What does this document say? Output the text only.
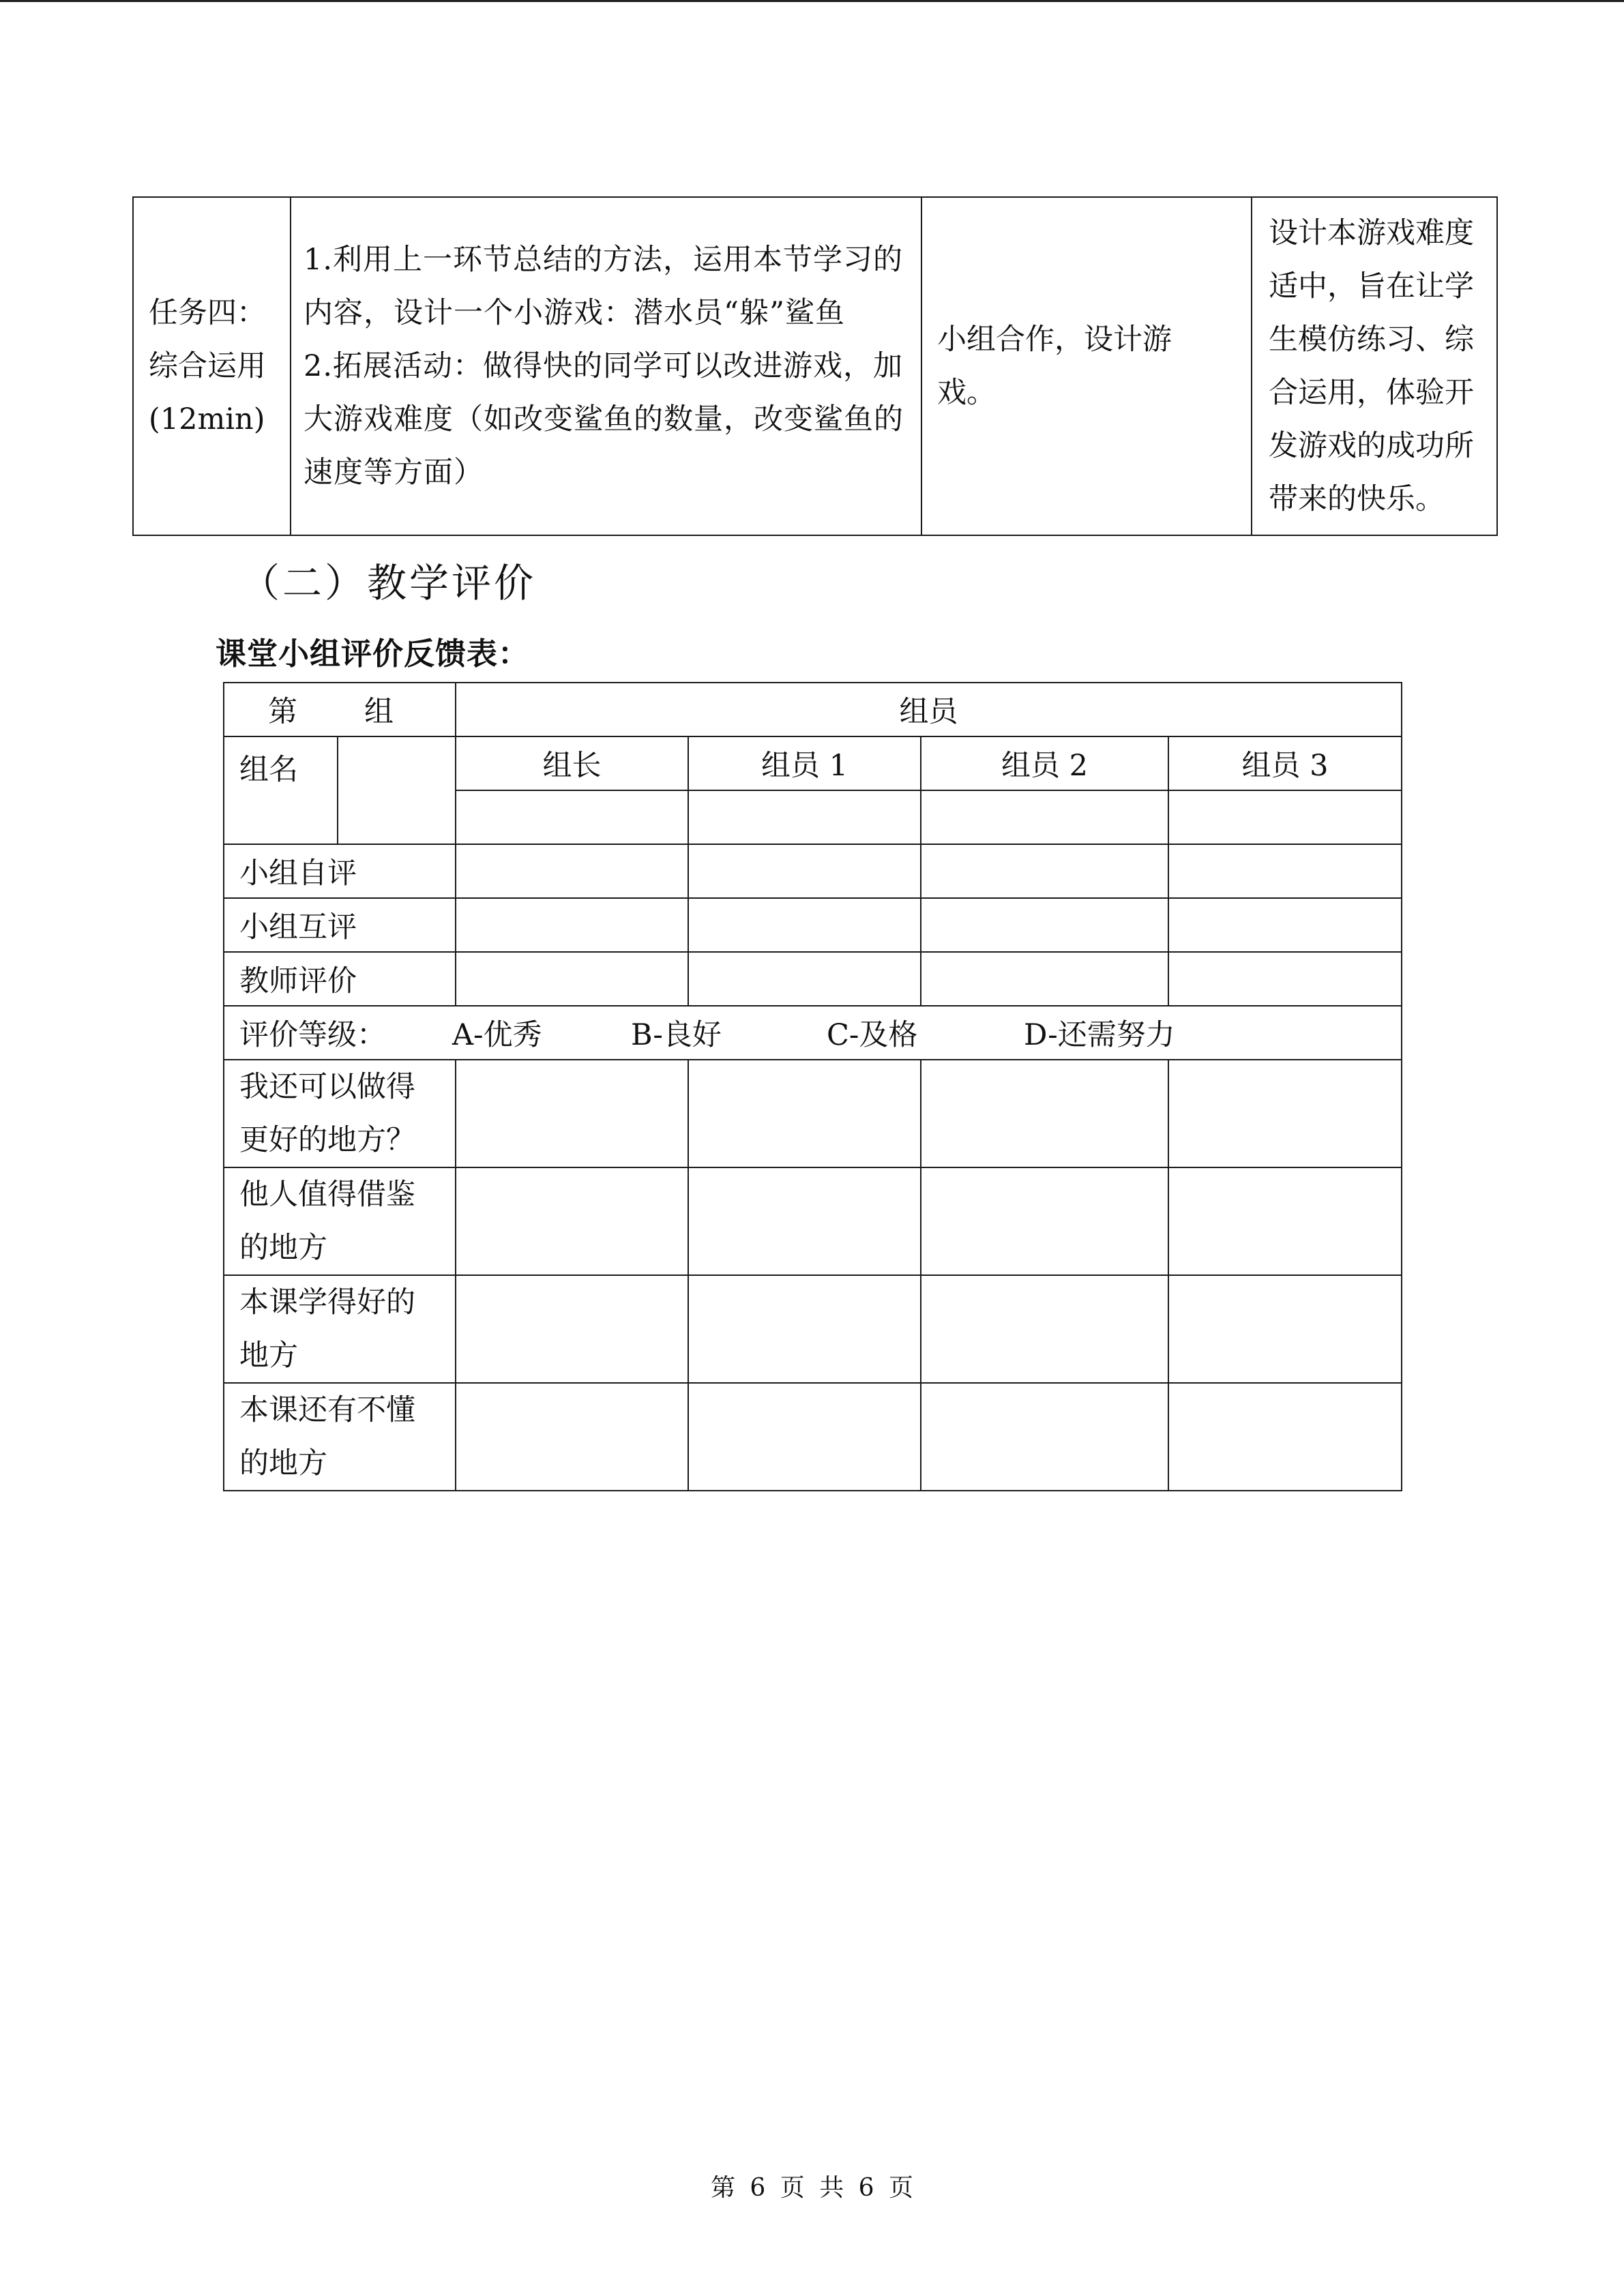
任务四：
综合运用
(12min)

1.利用上一环节总结的方法，运用本节学习的
内容，设计一个小游戏：潜水员“躲”鲨鱼
2.拓展活动：做得快的同学可以改进游戏，加
大游戏难度（如改变鲨鱼的数量，改变鲨鱼的
速度等方面）

小组合作，设计游
戏。

设计本游戏难度
适中，旨在让学
生模仿练习、综
合运用，体验开
发游戏的成功所
带来的快乐。
（二）教学评价
课堂小组评价反馈表：
第 组		组员			
组名		组长	组员 1	组员 2	组员 3

小组自评					
小组互评					
教师评价					
评价等级： A-优秀 B-良好 C-及格 D-还需努力					

我还可以做得
更好的地方？					

他人值得借鉴
的地方					

本课学得好的
地方					

本课还有不懂
的地方					

第 6 页 共 6 页
